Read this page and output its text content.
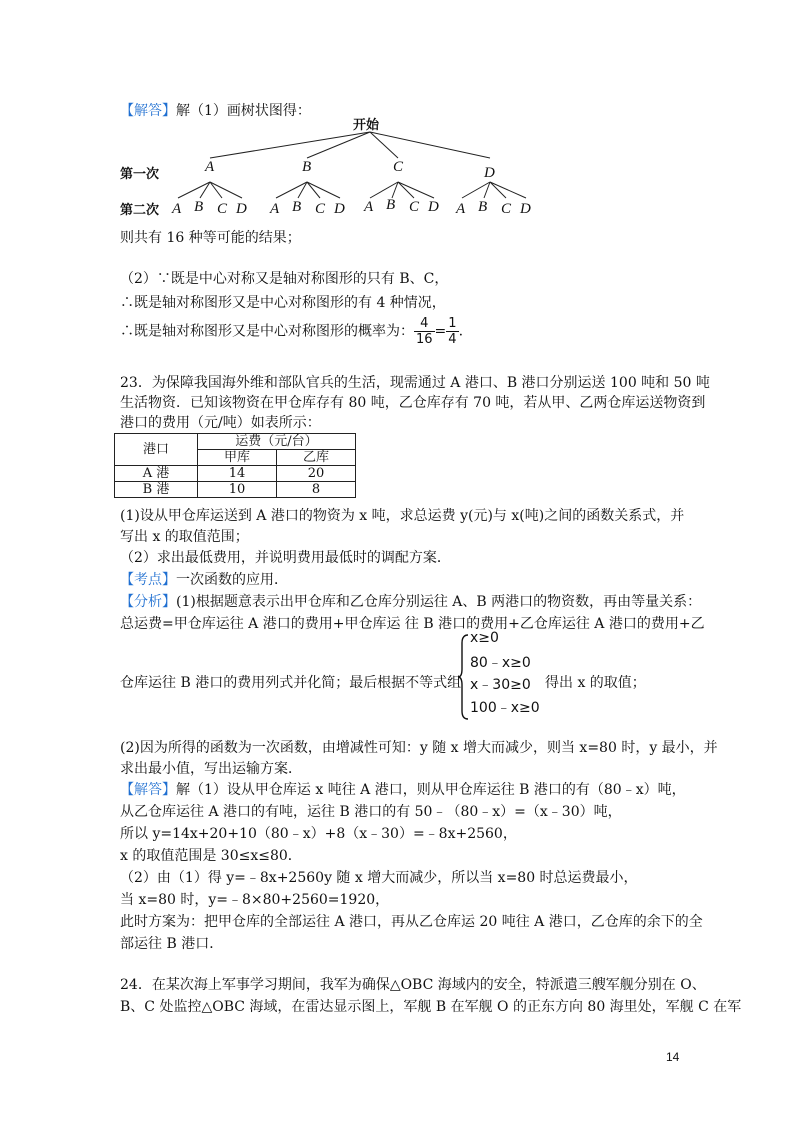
【解答】解（1）画树状图得：
开始
第一次
第二次
A	B	C	D
A B C D A B C D A B C D A B C D
则共有 16 种等可能的结果；
（2）∵既是中心对称又是轴对称图形的只有 B、C，
∴既是轴对称图形又是中心对称图形的有 4 种情况，
∴既是轴对称图形又是中心对称图形的概率为： $\frac{4}{16} = \frac{1}{4}$ .
23．为保障我国海外维和部队官兵的生活，现需通过 A 港口、B 港口分别运送 100 吨和 50 吨
生活物资．已知该物资在甲仓库存有 80 吨，乙仓库存有 70 吨，若从甲、乙两仓库运送物资到
港口的费用（元/吨）如表所示：
港口	运费（元/台）	
	甲库	乙库
A 港	14	20
B 港	10	8
(1)设从甲仓库运送到 A 港口的物资为 x 吨，求总运费 y(元)与 x(吨)之间的函数关系式，并
写出 x 的取值范围；
（2）求出最低费用，并说明费用最低时的调配方案．
【考点】一次函数的应用．
【分析】(1)根据题意表示出甲仓库和乙仓库分别运往 A、B 两港口的物资数，再由等量关系：
总运费=甲仓库运往 A 港口的费用+甲仓库运 往 B 港口的费用+乙仓库运往 A 港口的费用+乙
仓库运往 B 港口的费用列式并化简；最后根据不等式组
x≥0
80﹣x≥0
x﹣30≥0
100﹣x≥0
得出 x 的取值；
(2)因为所得的函数为一次函数，由增减性可知：y 随 x 增大而减少，则当 x=80 时，y 最小，并
求出最小值，写出运输方案．
【解答】解（1）设从甲仓库运 x 吨往 A 港口，则从甲仓库运往 B 港口的有（80﹣x）吨，
从乙仓库运往 A 港口的有吨，运往 B 港口的有 50﹣（80﹣x）=（x﹣30）吨，
所以 y=14x+20+10（80﹣x）+8（x﹣30）=﹣8x+2560，
x 的取值范围是 30≤x≤80．
（2）由（1）得 y=﹣8x+2560y 随 x 增大而减少，所以当 x=80 时总运费最小，
当 x=80 时，y=﹣8×80+2560=1920，
此时方案为：把甲仓库的全部运往 A 港口，再从乙仓库运 20 吨往 A 港口，乙仓库的余下的全
部运往 B 港口．
24．在某次海上军事学习期间，我军为确保△OBC 海域内的安全，特派遣三艘军舰分别在 O、
B、C 处监控△OBC 海域，在雷达显示图上，军舰 B 在军舰 O 的正东方向 80 海里处，军舰 C 在军
14
